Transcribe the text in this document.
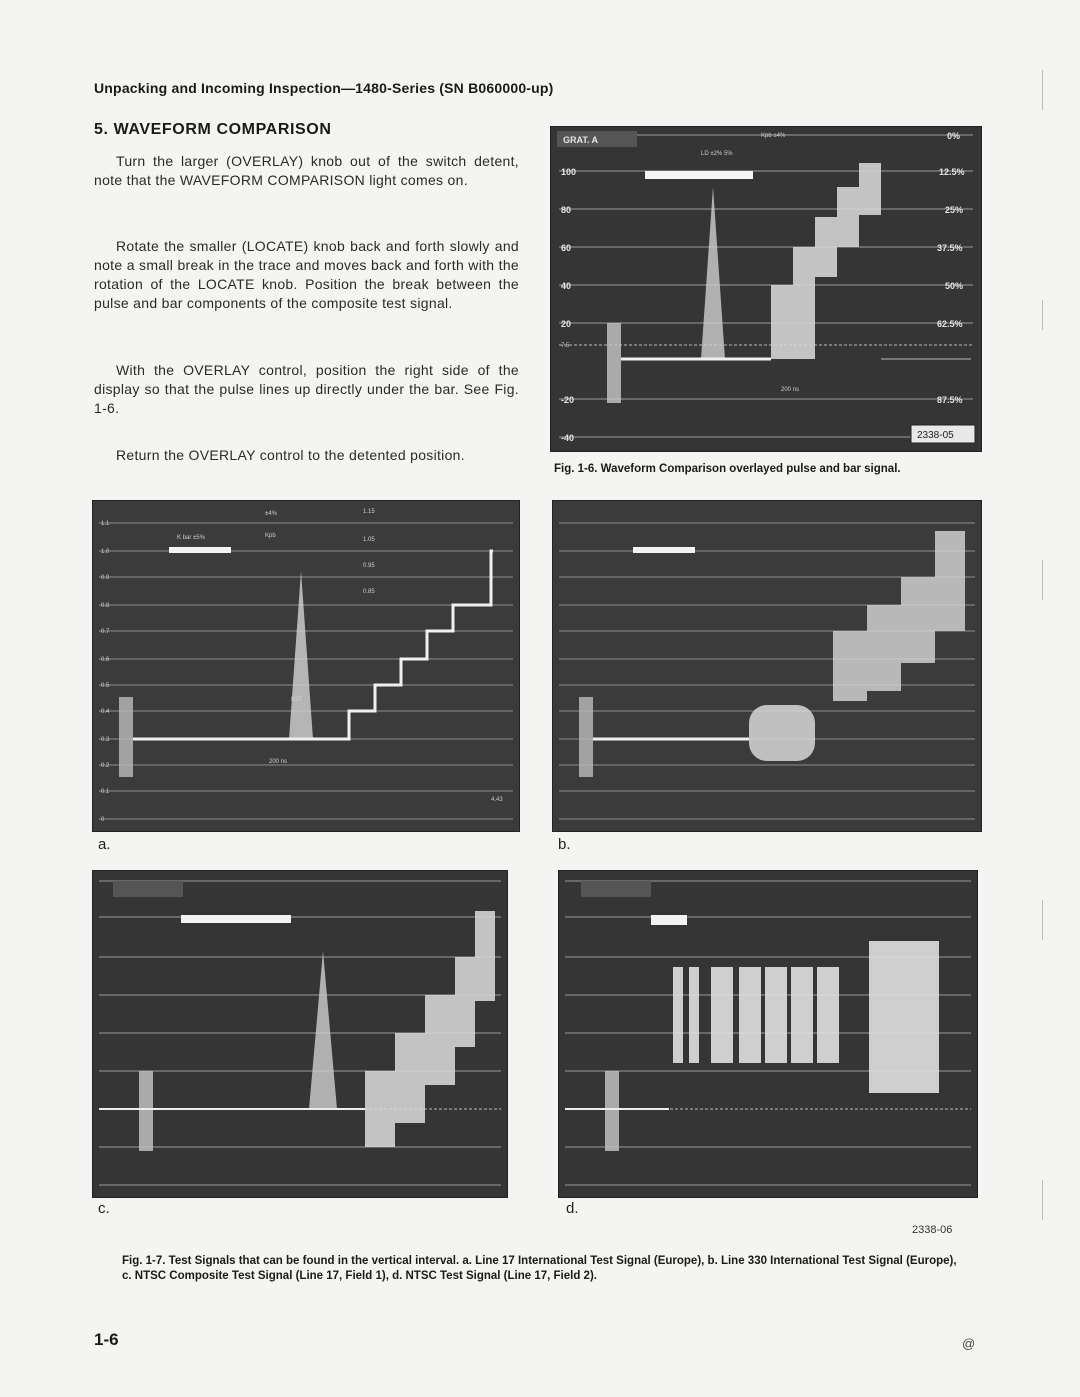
Unpacking and Incoming Inspection—1480-Series (SN B060000-up)
5. WAVEFORM COMPARISON
Turn the larger (OVERLAY) knob out of the switch detent, note that the WAVEFORM COMPARISON light comes on.
Rotate the smaller (LOCATE) knob back and forth slowly and note a small break in the trace and moves back and forth with the rotation of the LOCATE knob. Position the break between the pulse and bar components of the composite test signal.
With the OVERLAY control, position the right side of the display so that the pulse lines up directly under the bar. See Fig. 1-6.
Return the OVERLAY control to the detented position.
GRAT. A
100
80
60
40
20
7.5
-20
-40
0%
12.5%
25%
37.5%
50%
62.5%
87.5%
Kpb ±4%
LD ±2% 5%
200 ns
2338-05
Fig. 1-6. Waveform Comparison overlayed pulse and bar signal.
1.1
1.0
0.9
0.8
0.7
0.6
0.5
0.4
0.3
0.2
0.1
0
K bar ±5%
±4%
Kpb
1.15
1.05
0.95
0.85
200 ns
4.43
a.	b.
c.	d.
2338-06
Fig. 1-7. Test Signals that can be found in the vertical interval. a. Line 17 International Test Signal (Europe), b. Line 330 International Test Signal (Europe), c. NTSC Composite Test Signal (Line 17, Field 1), d. NTSC Test Signal (Line 17, Field 2).
1-6	@
